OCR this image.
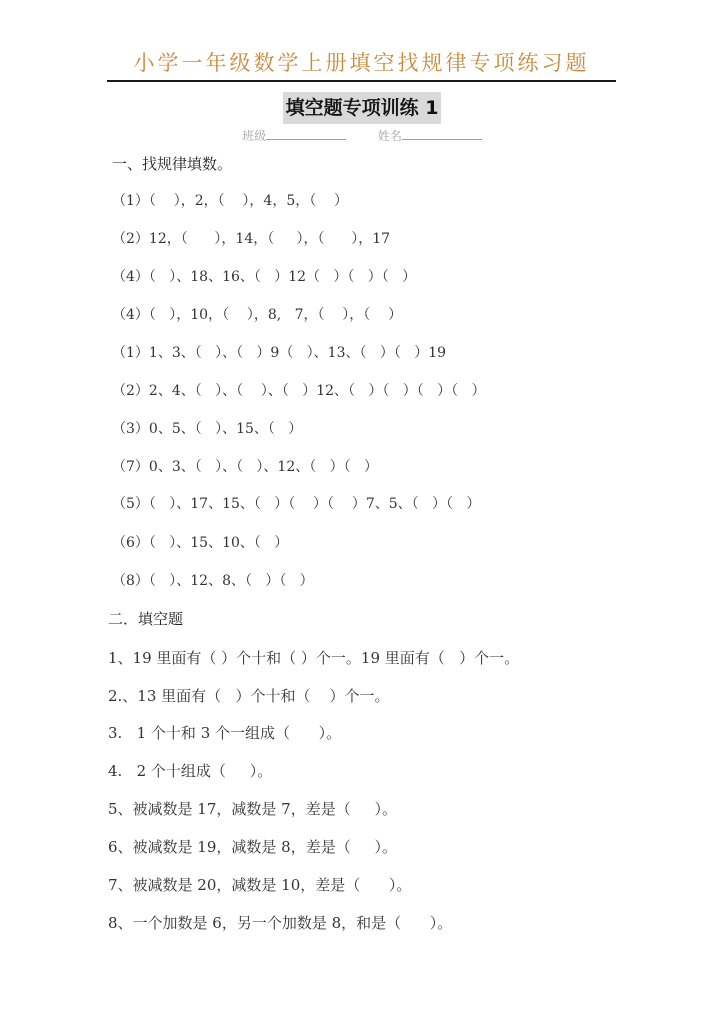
小学一年级数学上册填空找规律专项练习题
填空题专项训练 1
班级	姓名
一、找规律填数。
（1）（    ），2，（    ），4，5，（    ）
（2）12，（      ），14，（     ），（      ），17
（4）（   ）、18、16、（   ）12（   ）（   ）（   ）
（4）（   ），10，（    ），8,   7，（    ），（    ）
（1）1、3、（   ）、（   ）9（   ）、13、（   ）（   ）19
（2）2、4、（   ）、（    ）、（   ）12、（   ）（   ）（   ）（   ）
（3）0、5、（   ）、15、（   ）
（7）0、3、（   ）、（   ）、12、（   ）（   ）
（5）（   ）、17、15、（   ）（    ）（    ）7、5、（   ）（   ）
（6）（   ）、15、10、（   ）
（8）（   ）、12、8、（   ）（   ）
二．填空题
1、19 里面有（ ）个十和（ ）个一。19 里面有（   ）个一。
2.、13 里面有（   ）个十和（    ）个一。
3.   1 个十和 3 个一组成（      ）。
4.   2 个十组成（     ）。
5、被减数是 17，减数是 7，差是（     ）。
6、被减数是 19，减数是 8，差是（     ）。
7、被减数是 20，减数是 10，差是（      ）。
8、一个加数是 6，另一个加数是 8，和是（      ）。
